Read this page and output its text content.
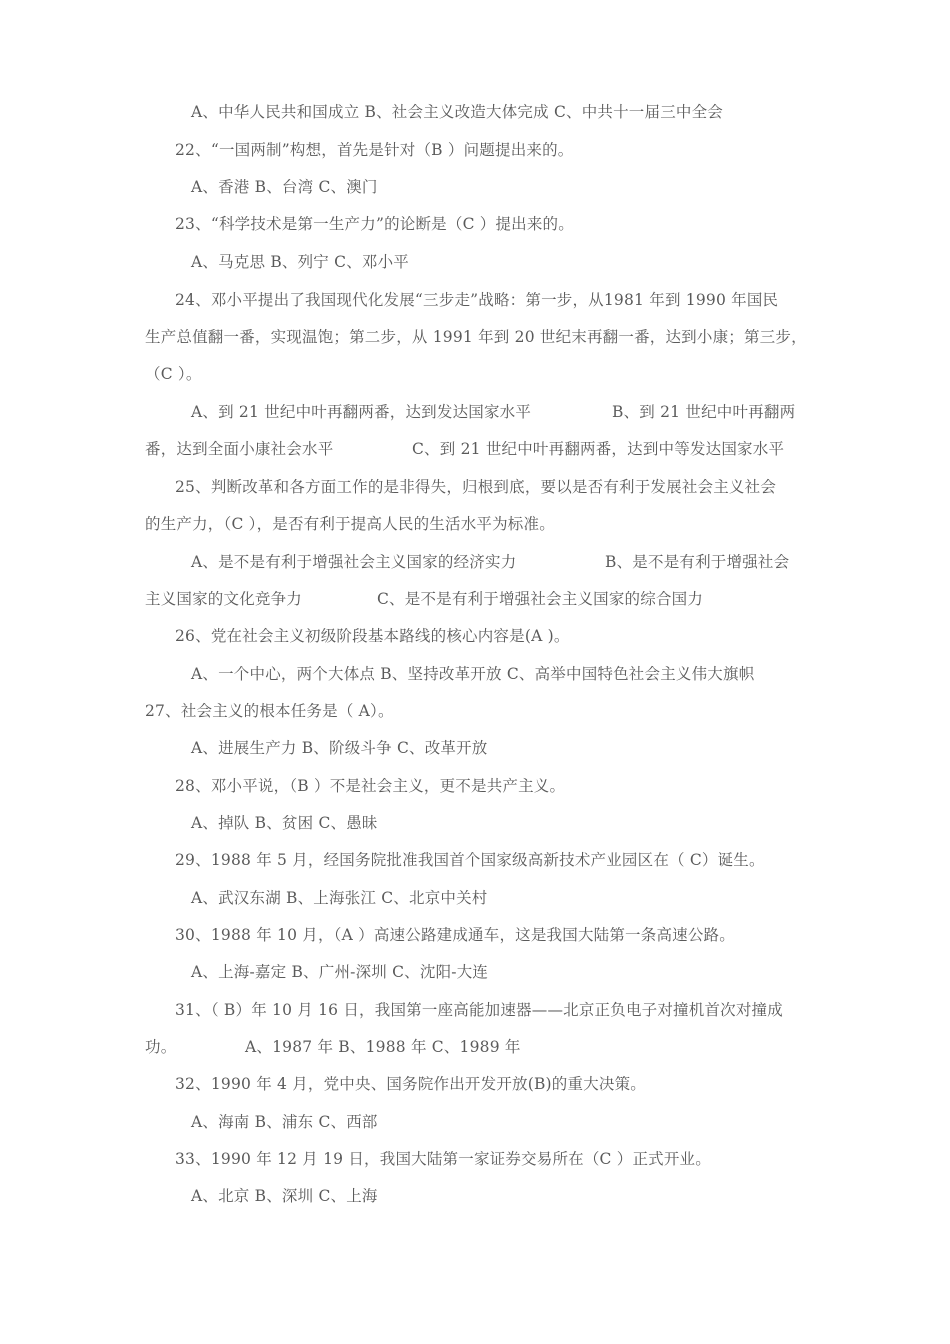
A、中华人民共和国成立 B、社会主义改造大体完成 C、中共十一届三中全会
22、“一国两制”构想，首先是针对（B ）问题提出来的。
A、香港 B、台湾 C、澳门
23、“科学技术是第一生产力”的论断是（C ）提出来的。
A、马克思 B、列宁 C、邓小平
24、邓小平提出了我国现代化发展“三步走”战略：第一步，从1981 年到 1990 年国民
生产总值翻一番，实现温饱；第二步，从 1991 年到 20 世纪末再翻一番，达到小康；第三步，
（C ）。
A、到 21 世纪中叶再翻两番，达到发达国家水平	B、到 21 世纪中叶再翻两
番，达到全面小康社会水平	C、到 21 世纪中叶再翻两番，达到中等发达国家水平
25、判断改革和各方面工作的是非得失，归根到底，要以是否有利于发展社会主义社会
的生产力，（C ），是否有利于提高人民的生活水平为标准。
A、是不是有利于增强社会主义国家的经济实力	B、是不是有利于增强社会
主义国家的文化竞争力	C、是不是有利于增强社会主义国家的综合国力
26、党在社会主义初级阶段基本路线的核心内容是(A )。
A、一个中心，两个大体点 B、坚持改革开放 C、高举中国特色社会主义伟大旗帜
27、社会主义的根本任务是（ A）。
A、进展生产力 B、阶级斗争 C、改革开放
28、邓小平说，（B ）不是社会主义，更不是共产主义。
A、掉队 B、贫困 C、愚昧
29、1988 年 5 月，经国务院批准我国首个国家级高新技术产业园区在（ C）诞生。
A、武汉东湖 B、上海张江 C、北京中关村
30、1988 年 10 月，（A ）高速公路建成通车，这是我国大陆第一条高速公路。
A、上海-嘉定 B、广州-深圳 C、沈阳-大连
31、（ B）年 10 月 16 日，我国第一座高能加速器——北京正负电子对撞机首次对撞成
功。	A、1987 年 B、1988 年 C、1989 年
32、1990 年 4 月，党中央、国务院作出开发开放(B)的重大决策。
A、海南 B、浦东 C、西部
33、1990 年 12 月 19 日，我国大陆第一家证券交易所在（C ）正式开业。
A、北京 B、深圳 C、上海
